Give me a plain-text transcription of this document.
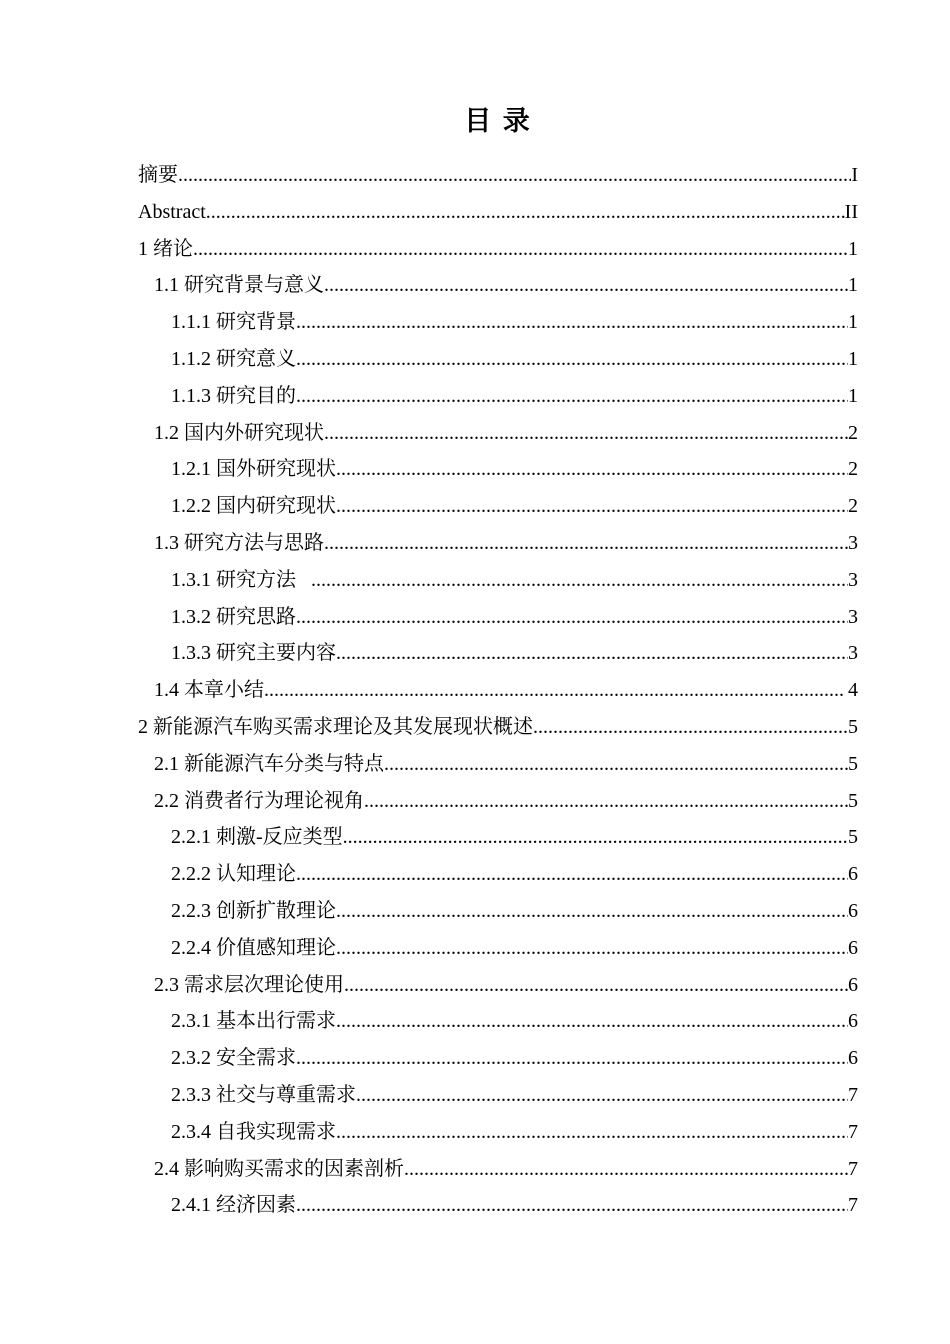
目 录
摘要 .....	I
Abstract .....	II
1 绪论 .....	1
1.1 研究背景与意义 .....	1
1.1.1 研究背景 .....	1
1.1.2 研究意义 .....	1
1.1.3 研究目的 .....	1
1.2 国内外研究现状 .....	2
1.2.1 国外研究现状 .....	2
1.2.2 国内研究现状 .....	2
1.3 研究方法与思路 .....	3
1.3.1 研究方法 .....	3
1.3.2 研究思路 .....	3
1.3.3 研究主要内容 .....	3
1.4 本章小结 .....	4
2 新能源汽车购买需求理论及其发展现状概述 .....	5
2.1 新能源汽车分类与特点 .....	5
2.2 消费者行为理论视角 .....	5
2.2.1 刺激-反应类型 .....	5
2.2.2 认知理论 .....	6
2.2.3 创新扩散理论 .....	6
2.2.4 价值感知理论 .....	6
2.3 需求层次理论使用 .....	6
2.3.1 基本出行需求 .....	6
2.3.2 安全需求 .....	6
2.3.3 社交与尊重需求 .....	7
2.3.4 自我实现需求 .....	7
2.4 影响购买需求的因素剖析 .....	7
2.4.1 经济因素 .....	7
